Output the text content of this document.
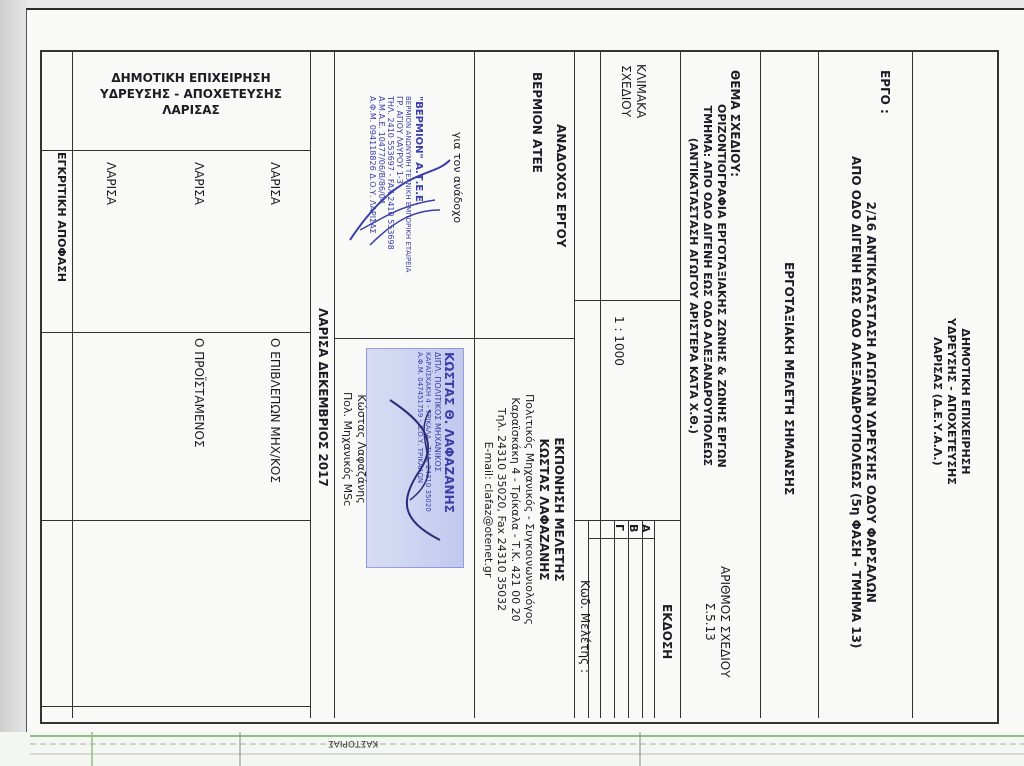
ΔΗΜΟΤΙΚΗ ΕΠΙΧΕΙΡΗΣΗ
ΥΔΡΕΥΣΗΣ - ΑΠΟΧΕΤΕΥΣΗΣ
ΛΑΡΙΣΑΣ (Δ.Ε.Υ.Α.Λ.)
ΕΡΓΟ :
2/16 ΑΝΤΙΚΑΤΑΣΤΑΣΗ ΑΓΩΓΩΝ ΥΔΡΕΥΣΗΣ ΟΔΟΥ ΦΑΡΣΑΛΩΝ
ΑΠΟ ΟΔΟ ΔΙΓΕΝΗ ΕΩΣ ΟΔΟ ΑΛΕΞΑΝΔΡΟΥΠΟΛΕΩΣ (5η ΦΑΣΗ - ΤΜΗΜΑ 13)
ΕΡΓΟΤΑΞΙΑΚΗ ΜΕΛΕΤΗ ΣΗΜΑΝΣΗΣ
ΘΕΜΑ ΣΧΕΔΙΟΥ:
ΟΡΙΖΟΝΤΙΟΓΡΑΦΙΑ ΕΡΓΟΤΑΞΙΑΚΗΣ ΖΩΝΗΣ & ΖΩΝΗΣ ΕΡΓΩΝ
ΤΜΗΜΑ: ΑΠΟ ΟΔΟ ΔΙΓΕΝΗ ΕΩΣ ΟΔΟ ΑΛΕΞΑΝΔΡΟΥΠΟΛΕΩΣ
(ΑΝΤΙΚΑΤΑΣΤΑΣΗ ΑΓΩΓΟΥ ΑΡΙΣΤΕΡΑ ΚΑΤΑ Χ.Θ.)
ΑΡΙΘΜΟΣ ΣΧΕΔΙΟΥ
Σ.5.13
ΕΚΔΟΣΗ
Α
Β
Γ
ΚΛΙΜΑΚΑ
ΣΧΕΔΙΟΥ
1 : 1000
Κωδ. Μελέτης :
ΑΝΑΔΟΧΟΣ ΕΡΓΟΥ
ΒΕΡΜΙΟΝ ΑΤΕΕ
για τον ανάδοχο
"ΒΕΡΜΙΟΝ" Α.Τ.Ε.Ε.
ΒΕΡΜΙΟΝ ΑΝΩΝΥΜΗ ΤΕΧΝΙΚΗ ΕΜΠΟΡΙΚΗ ΕΤΑΙΡΕΙΑ
ΓΡ. ΑΓΙΟΥ ΛΑΥΡΟΥ 1-3
ΤΗΛ. 2410 553697 - FAX 2410 553698
Α.Μ.Α.Ε. 10477/06/Β/86/04
Α.Φ.Μ. 094118826 Δ.Ο.Υ. ΛΑΡΙΣΑΣ
ΕΚΠΟΝΗΣΗ ΜΕΛΕΤΗΣ
ΚΩΣΤΑΣ ΛΑΦΑΖΑΝΗΣ
Πολιτικός Μηχανικός - Συγκοινωνιολόγος
Καραϊσκάκη 4 - Τρίκαλα - Τ.Κ. 421 00 20
Τηλ. 24310 35020, Fax 24310 35032
E-mail: clafaz@otenet.gr
ΚΩΣΤΑΣ Θ. ΛΑΦΑΖΑΝΗΣ
ΔΙΠΛ. ΠΟΛΙΤΙΚΟΣ ΜΗΧΑΝΙΚΟΣ
ΚΑΡΑΪΣΚΑΚΗ 4 - ΤΡΙΚΑΛΑ - ΤΗΛ. 24310 35020
Α.Φ.Μ. 047451759 - Δ.Ο.Υ. ΤΡΙΚΑΛΩΝ
Κώστας Λαφαζάνης
Πολ. Μηχανικός MSc
ΛΑΡΙΣΑ ΔΕΚΕΜΒΡΙΟΣ 2017
ΔΗΜΟΤΙΚΗ ΕΠΙΧΕΙΡΗΣΗ
ΥΔΡΕΥΣΗΣ - ΑΠΟΧΕΤΕΥΣΗΣ
ΛΑΡΙΣΑΣ
ΛΑΡΙΣΑ
Ο ΕΠΙΒΛΕΠΩΝ ΜΗΧ/ΚΟΣ
ΛΑΡΙΣΑ
Ο ΠΡΟΪΣΤΑΜΕΝΟΣ
ΛΑΡΙΣΑ
ΕΓΚΡΙΤΙΚΗ ΑΠΟΦΑΣΗ
ΚΑΣΤΟΡΙΑΣ
